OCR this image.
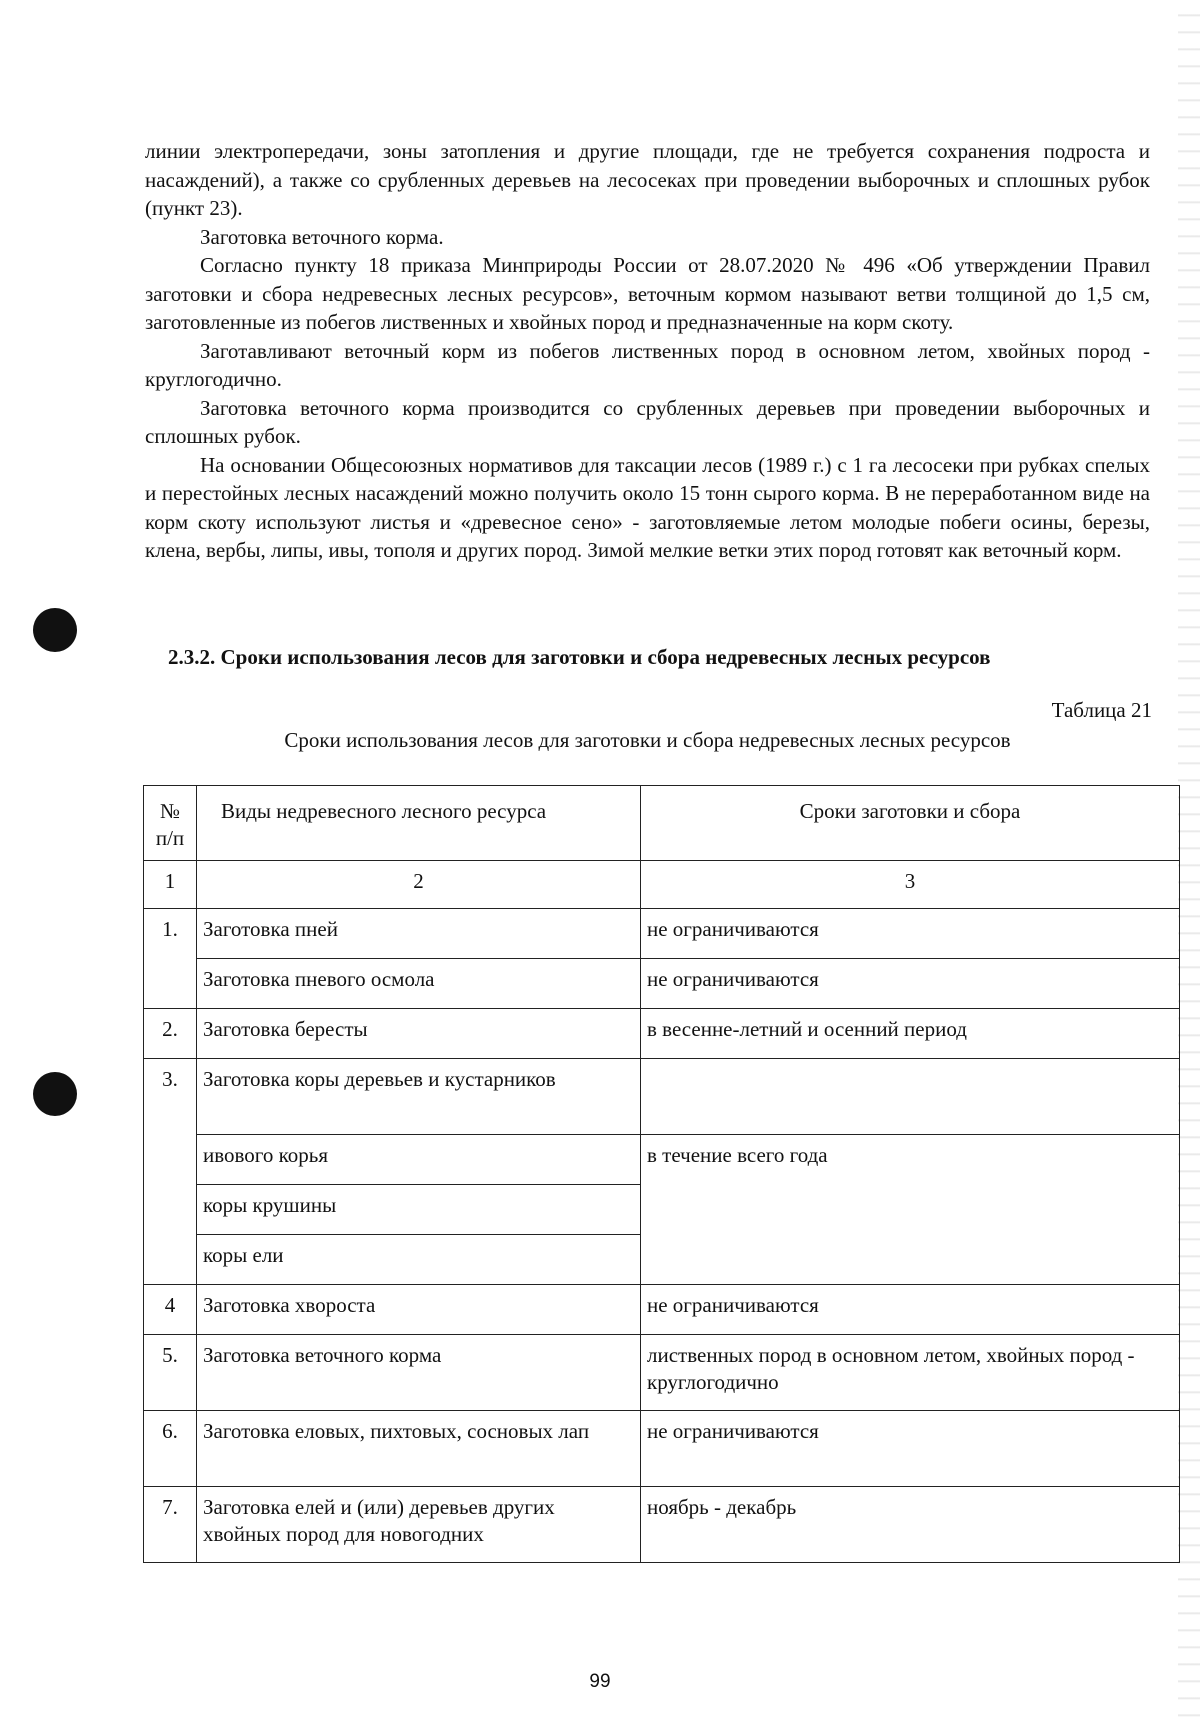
линии электропередачи, зоны затопления и другие площади, где не требуется сохранения подроста и насаждений), а также со срубленных деревьев на лесосеках при проведении выборочных и сплошных рубок (пункт 23).

Заготовка веточного корма.

Согласно пункту 18 приказа Минприроды России от 28.07.2020 № 496 «Об утверждении Правил заготовки и сбора недревесных лесных ресурсов», веточным кормом называют ветви толщиной до 1,5 см, заготовленные из побегов лиственных и хвойных пород и предназначенные на корм скоту.

Заготавливают веточный корм из побегов лиственных пород в основном летом, хвойных пород - круглогодично.

Заготовка веточного корма производится со срубленных деревьев при проведении выборочных и сплошных рубок.

На основании Общесоюзных нормативов для таксации лесов (1989 г.) с 1 га лесосеки при рубках спелых и перестойных лесных насаждений можно получить около 15 тонн сырого корма. В не переработанном виде на корм скоту используют листья и «древесное сено» - заготовляемые летом молодые побеги осины, березы, клена, вербы, липы, ивы, тополя и других пород. Зимой мелкие ветки этих пород готовят как веточный корм.

2.3.2. Сроки использования лесов для заготовки и сбора недревесных лесных ресурсов
Таблица 21
Сроки использования лесов для заготовки и сбора недревесных лесных ресурсов
№ п/п	Виды недревесного лесного ресурса	Сроки заготовки и сбора
1	2	3
1.	Заготовка пней	не ограничиваются
	Заготовка пневого осмола	не ограничиваются
2.	Заготовка бересты	в весенне-летний и осенний период
3.	Заготовка коры деревьев и кустарников	
	ивового корья	в течение всего года
	коры крушины	
	коры ели	
4	Заготовка хвороста	не ограничиваются
5.	Заготовка веточного корма	лиственных пород в основном летом, хвойных пород - круглогодично
6.	Заготовка еловых, пихтовых, сосновых лап	не ограничиваются
7.	Заготовка елей и (или) деревьев других хвойных пород для новогодних	ноябрь - декабрь
99
